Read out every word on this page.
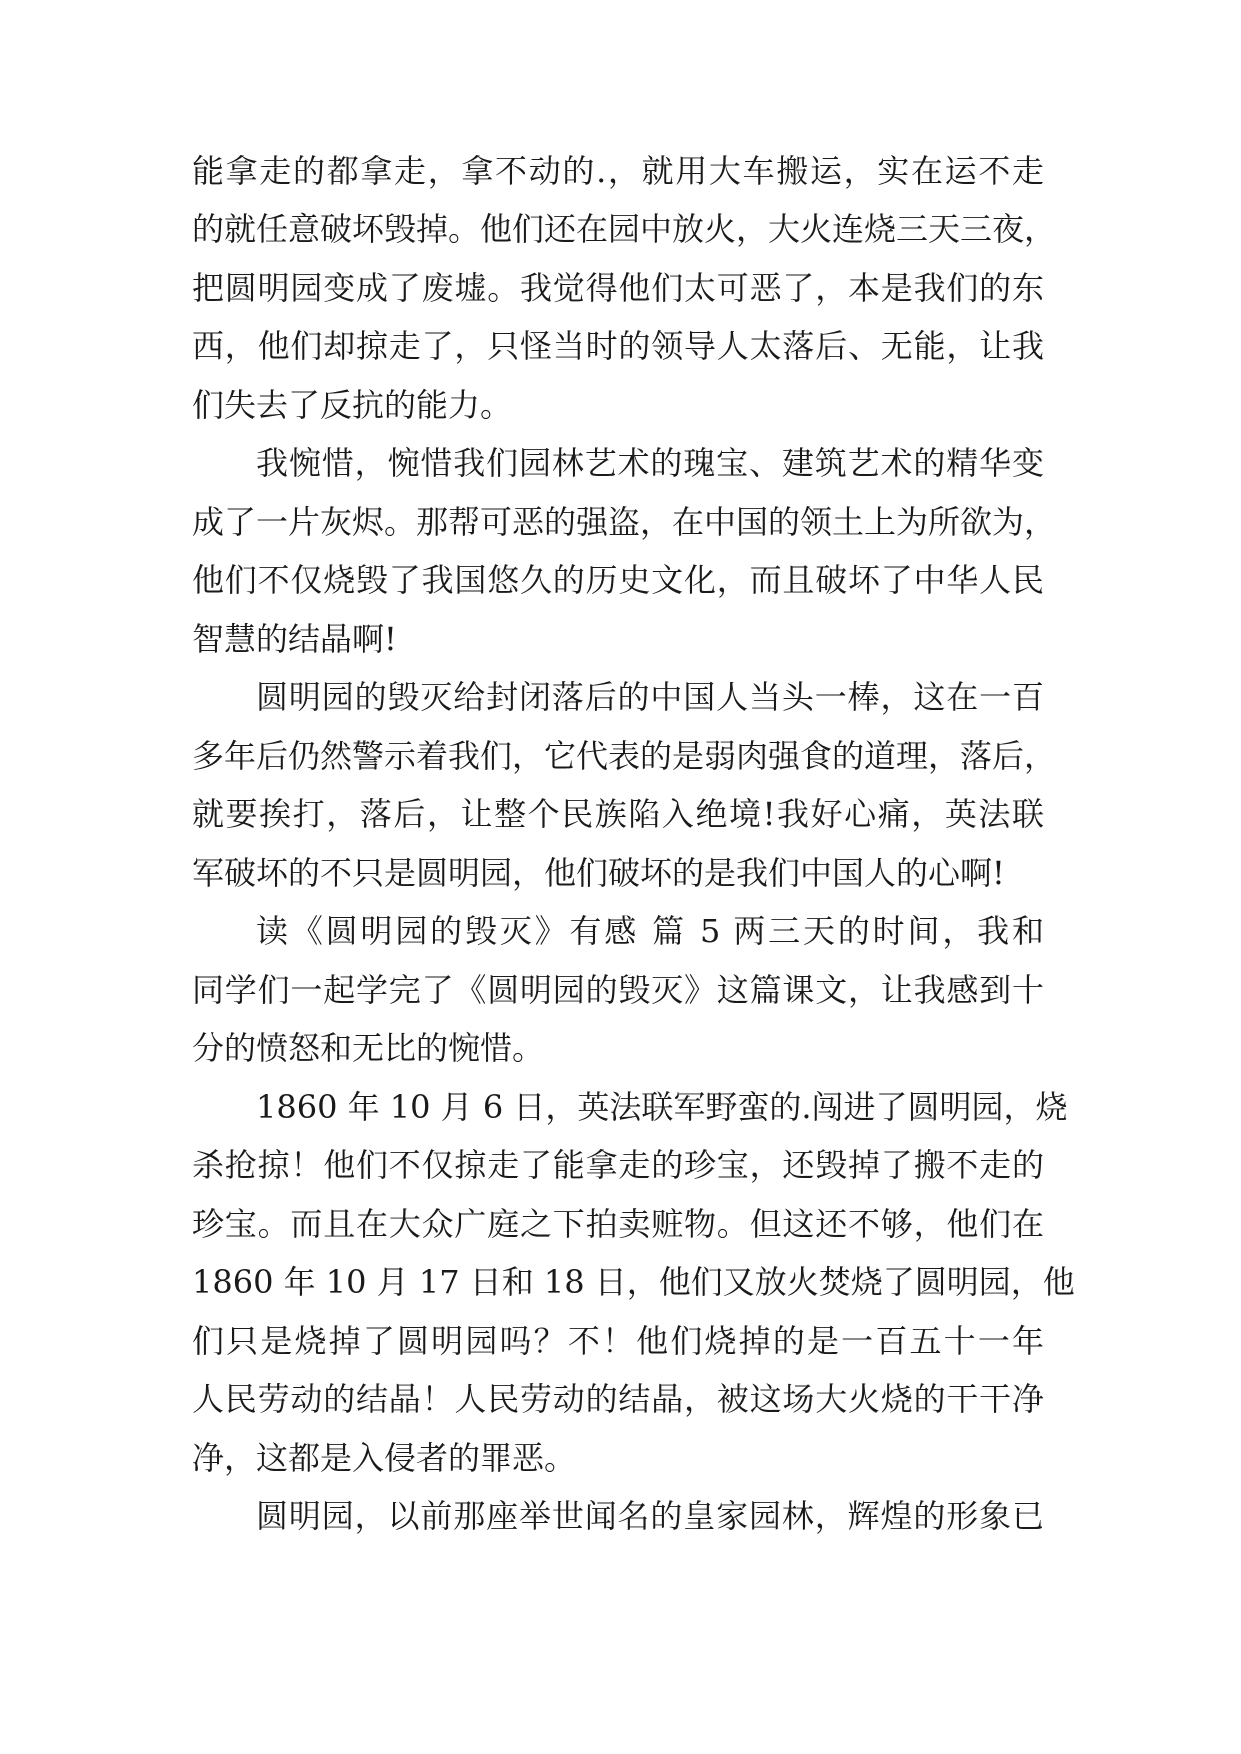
能拿走的都拿走，拿不动的.，就用大车搬运，实在运不走
的就任意破坏毁掉。他们还在园中放火，大火连烧三天三夜，
把圆明园变成了废墟。我觉得他们太可恶了，本是我们的东
西，他们却掠走了，只怪当时的领导人太落后、无能，让我
们失去了反抗的能力。
我惋惜，惋惜我们园林艺术的瑰宝、建筑艺术的精华变
成了一片灰烬。那帮可恶的强盗，在中国的领土上为所欲为，
他们不仅烧毁了我国悠久的历史文化，而且破坏了中华人民
智慧的结晶啊!
圆明园的毁灭给封闭落后的中国人当头一棒，这在一百
多年后仍然警示着我们，它代表的是弱肉强食的道理，落后，
就要挨打，落后，让整个民族陷入绝境!我好心痛，英法联
军破坏的不只是圆明园，他们破坏的是我们中国人的心啊!
读《圆明园的毁灭》有感 篇 5 两三天的时间，我和
同学们一起学完了《圆明园的毁灭》这篇课文，让我感到十
分的愤怒和无比的惋惜。
1860 年 10 月 6 日，英法联军野蛮的.闯进了圆明园，烧
杀抢掠！他们不仅掠走了能拿走的珍宝，还毁掉了搬不走的
珍宝。而且在大众广庭之下拍卖赃物。但这还不够，他们在
1860 年 10 月 17 日和 18 日，他们又放火焚烧了圆明园，他
们只是烧掉了圆明园吗？不！他们烧掉的是一百五十一年
人民劳动的结晶！人民劳动的结晶，被这场大火烧的干干净
净，这都是入侵者的罪恶。
圆明园，以前那座举世闻名的皇家园林，辉煌的形象已
